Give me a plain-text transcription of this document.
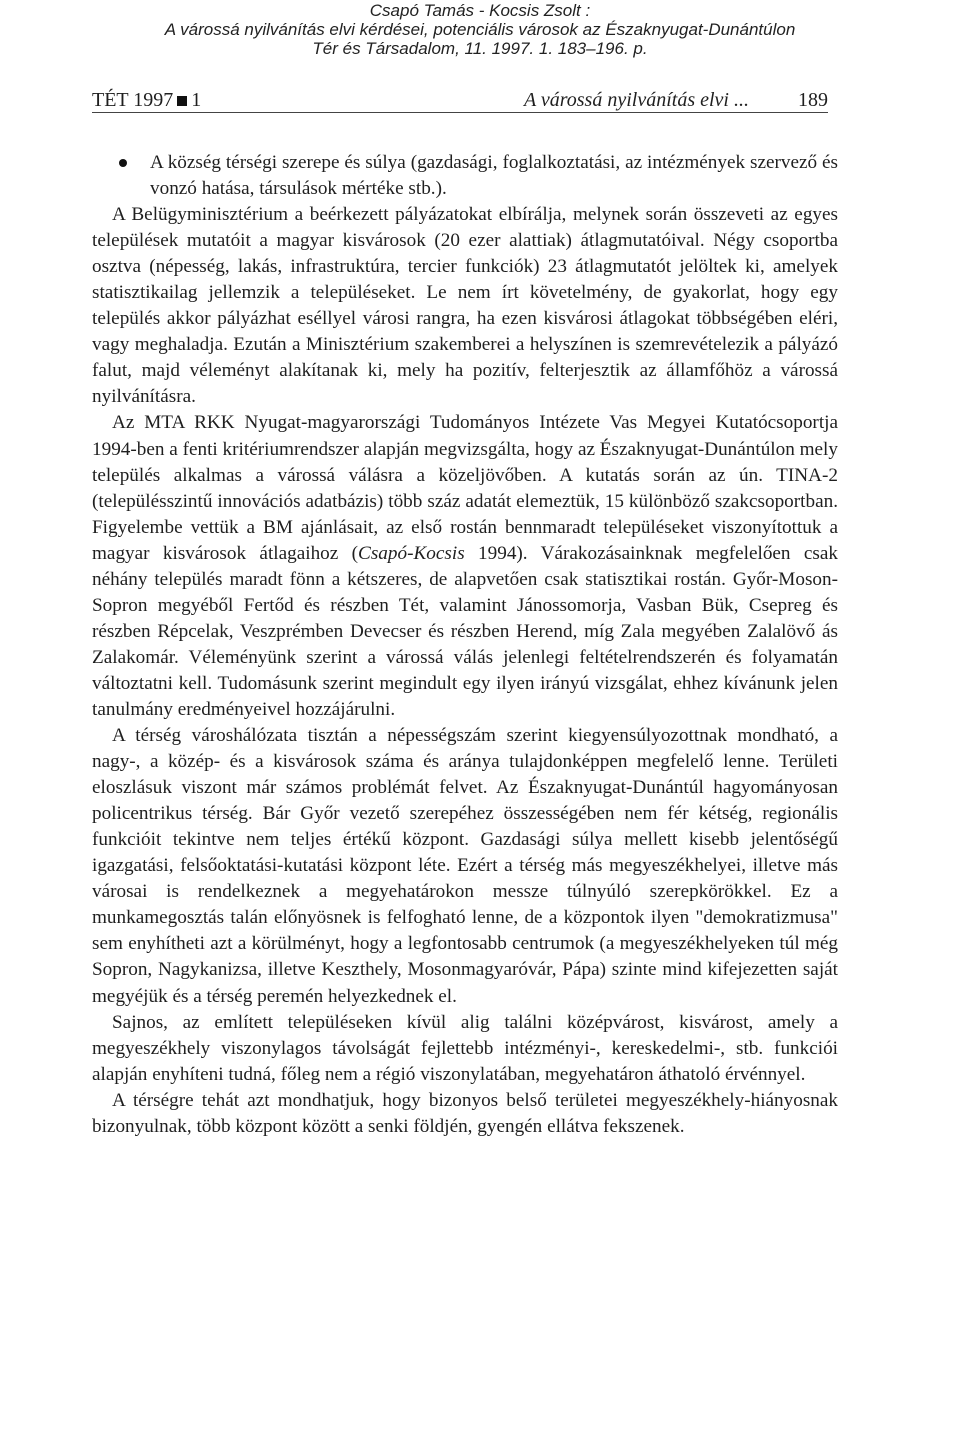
Csapó Tamás - Kocsis Zsolt :
A várossá nyilvánítás elvi kérdései, potenciális városok az Északnyugat-Dunántúlon
Tér és Társadalom, 11. 1997. 1. 183–196. p.
TÉT 1997 1	A várossá nyilvánítás elvi ... 189
A község térségi szerepe és súlya (gazdasági, foglalkoztatási, az intézmények szervező és vonzó hatása, társulások mértéke stb.).

A Belügyminisztérium a beérkezett pályázatokat elbírálja, melynek során összeveti az egyes települések mutatóit a magyar kisvárosok (20 ezer alattiak) átlagmutatóival. Négy csoportba osztva (népesség, lakás, infrastruktúra, tercier funkciók) 23 átlagmutatót jelöltek ki, amelyek statisztikailag jellemzik a településeket. Le nem írt követelmény, de gyakorlat, hogy egy település akkor pályázhat eséllyel városi rangra, ha ezen kisvárosi átlagokat többségében eléri, vagy meghaladja. Ezután a Minisztérium szakemberei a helyszínen is szemrevételezik a pályázó falut, majd véleményt alakítanak ki, mely ha pozitív, felterjesztik az államfőhöz a várossá nyilvánításra.

Az MTA RKK Nyugat-magyarországi Tudományos Intézete Vas Megyei Kutatócsoportja 1994-ben a fenti kritériumrendszer alapján megvizsgálta, hogy az Északnyugat-Dunántúlon mely település alkalmas a várossá válásra a közeljövőben. A kutatás során az ún. TINA-2 (településszintű innovációs adatbázis) több száz adatát elemeztük, 15 különböző szakcsoportban. Figyelembe vettük a BM ajánlásait, az első rostán bennmaradt településeket viszonyítottuk a magyar kisvárosok átlagaihoz (Csapó-Kocsis 1994). Várakozásainknak megfelelően csak néhány település maradt fönn a kétszeres, de alapvetően csak statisztikai rostán. Győr-Moson-Sopron megyéből Fertőd és részben Tét, valamint Jánossomorja, Vasban Bük, Csepreg és részben Répcelak, Veszprémben Devecser és részben Herend, míg Zala megyében Zalalövő ás Zalakomár. Véleményünk szerint a várossá válás jelenlegi feltételrendszerén és folyamatán változtatni kell. Tudomásunk szerint megindult egy ilyen irányú vizsgálat, ehhez kívánunk jelen tanulmány eredményeivel hozzájárulni.

A térség városhálózata tisztán a népességszám szerint kiegyensúlyozottnak mondható, a nagy-, a közép- és a kisvárosok száma és aránya tulajdonképpen megfelelő lenne. Területi eloszlásuk viszont már számos problémát felvet. Az Északnyugat-Dunántúl hagyományosan policentrikus térség. Bár Győr vezető szerepéhez összességében nem fér kétség, regionális funkcióit tekintve nem teljes értékű központ. Gazdasági súlya mellett kisebb jelentőségű igazgatási, felsőoktatási-kutatási központ léte. Ezért a térség más megyeszékhelyei, illetve más városai is rendelkeznek a megyehatárokon messze túlnyúló szerepkörökkel. Ez a munkamegosztás talán előnyösnek is felfogható lenne, de a központok ilyen "demokratizmusa" sem enyhítheti azt a körülményt, hogy a legfontosabb centrumok (a megyeszékhelyeken túl még Sopron, Nagykanizsa, illetve Keszthely, Mosonmagyaróvár, Pápa) szinte mind kifejezetten saját megyéjük és a térség peremén helyezkednek el.

Sajnos, az említett településeken kívül alig találni középvárost, kisvárost, amely a megyeszékhely viszonylagos távolságát fejlettebb intézményi-, kereskedelmi-, stb. funkciói alapján enyhíteni tudná, főleg nem a régió viszonylatában, megyehatáron áthatoló érvénnyel.

A térségre tehát azt mondhatjuk, hogy bizonyos belső területei megyeszékhely-hiányosnak bizonyulnak, több központ között a senki földjén, gyengén ellátva fekszenek.
